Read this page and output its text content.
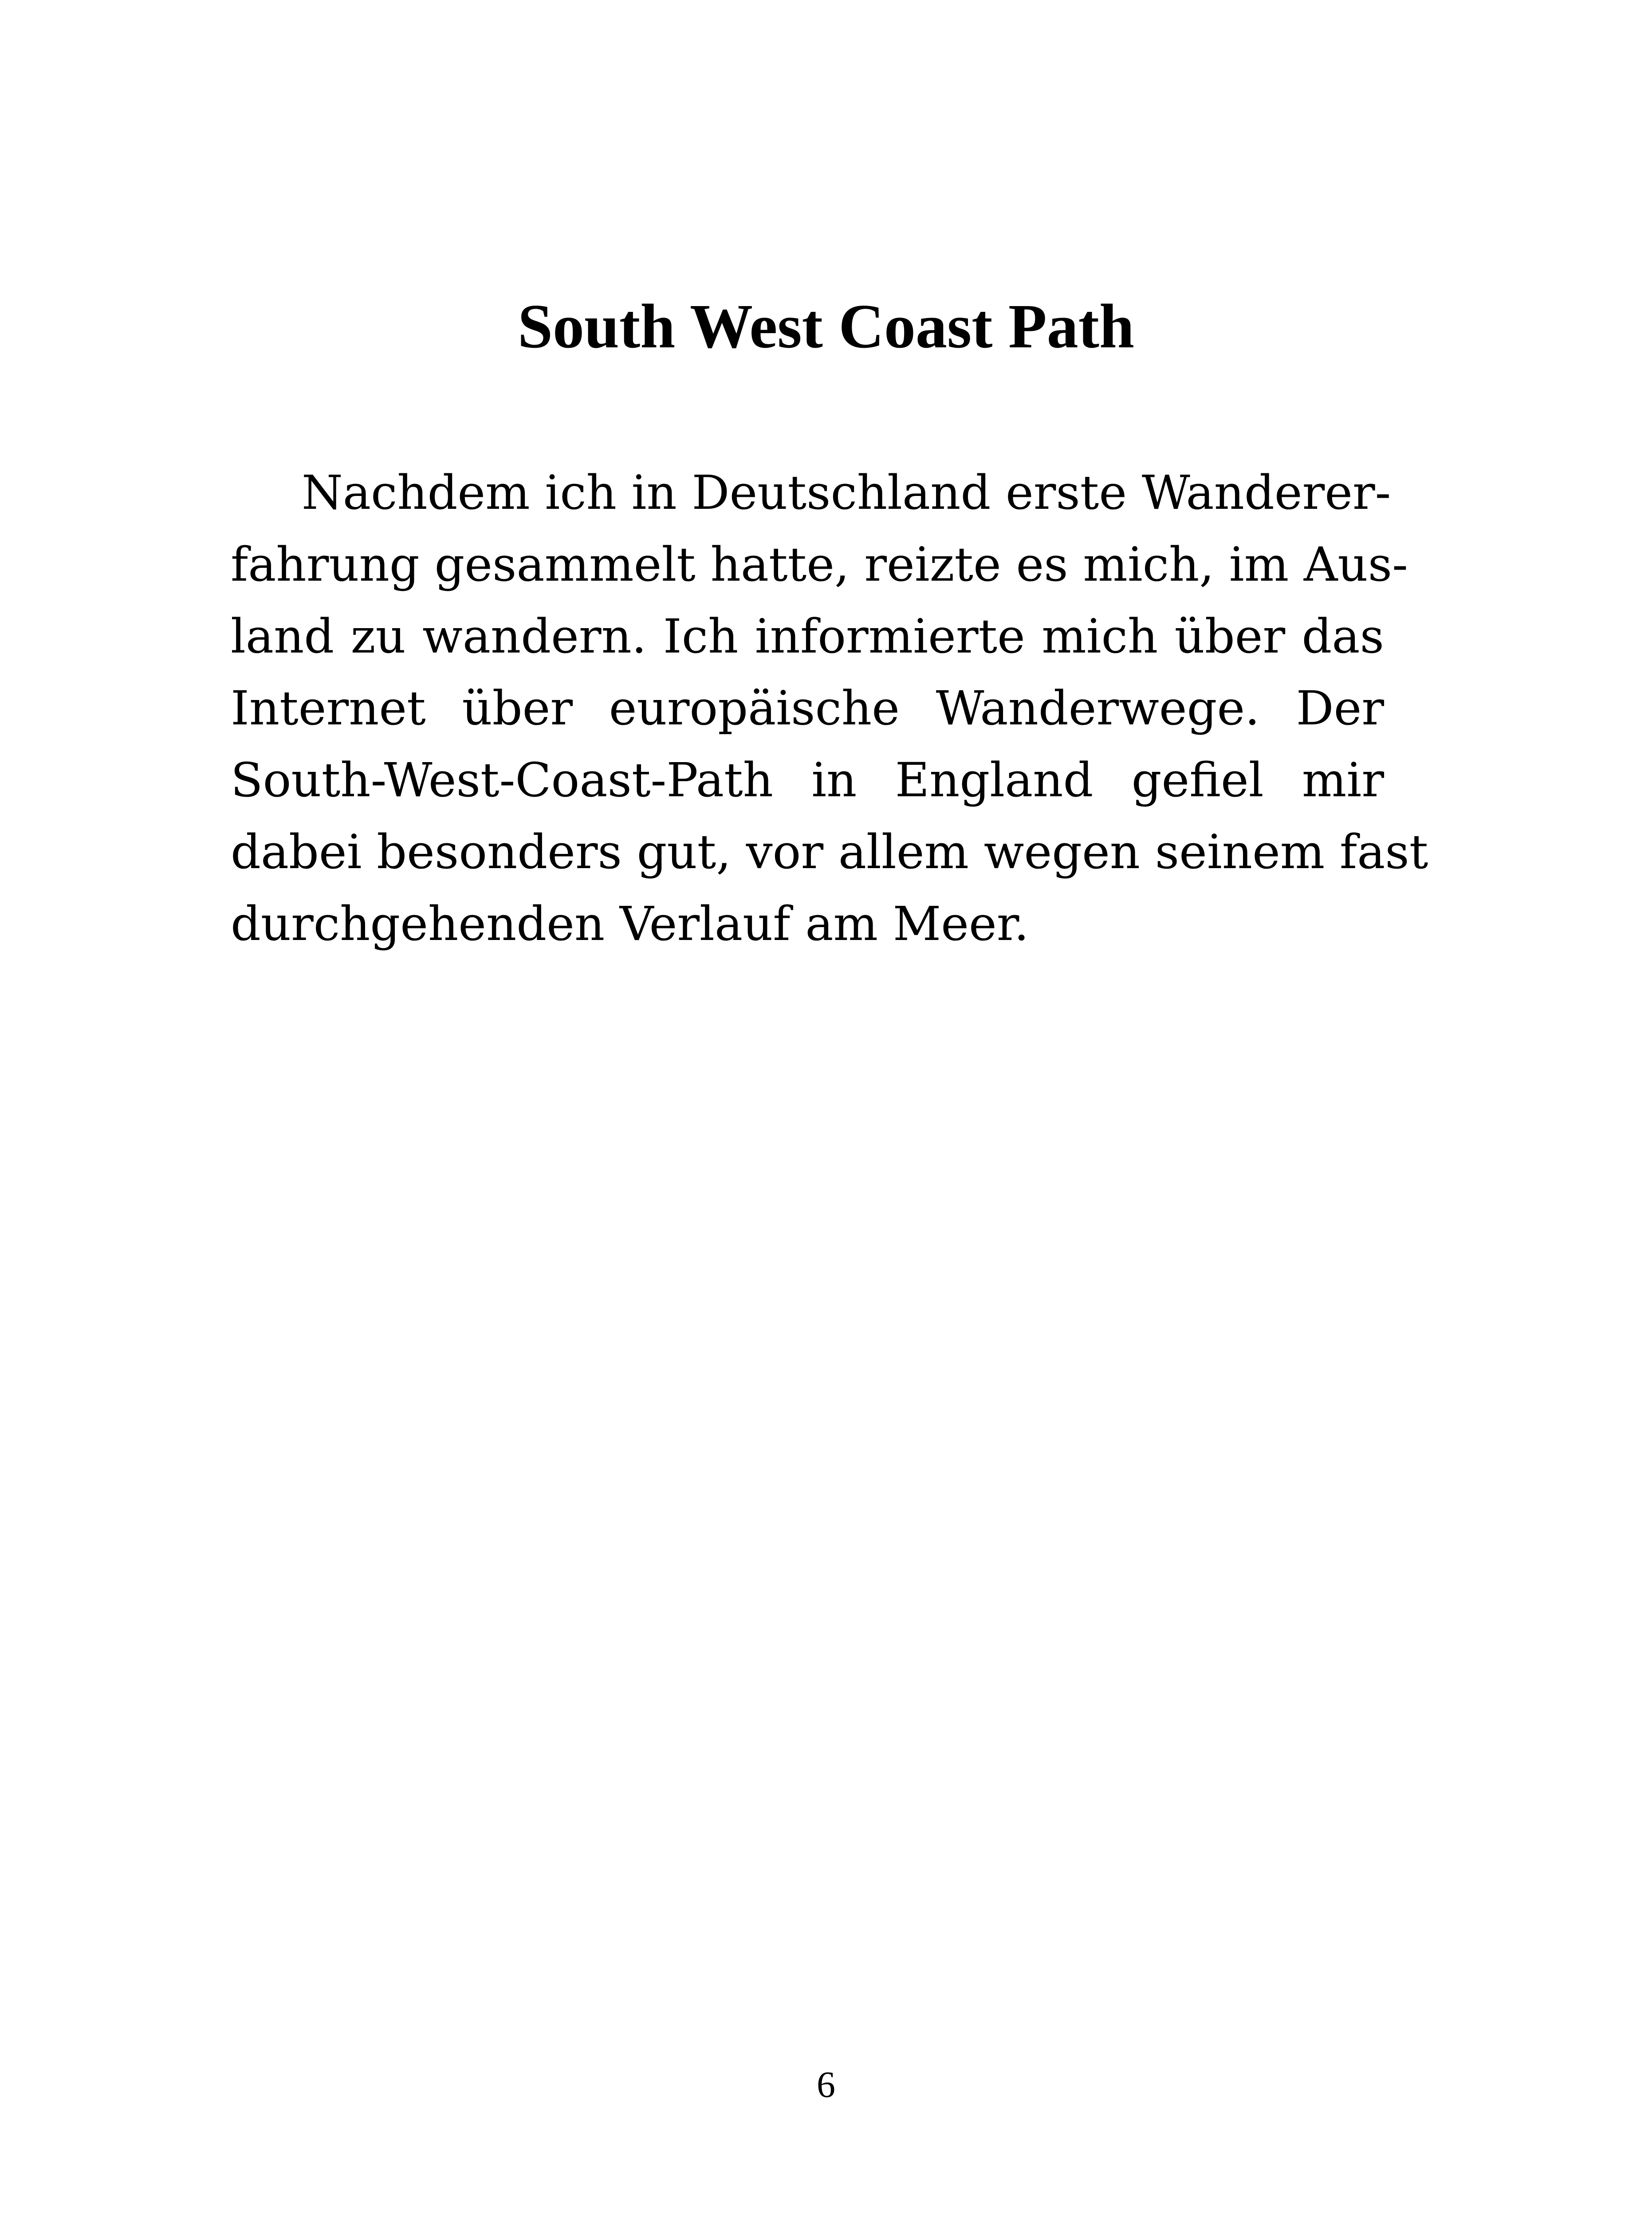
South West Coast Path
Nachdem ich in Deutschland erste Wanderer-
fahrung gesammelt hatte, reizte es mich, im Aus-
land zu wandern. Ich informierte mich über das
Internet über europäische Wanderwege. Der
South-West-Coast-Path in England gefiel mir
dabei besonders gut, vor allem wegen seinem fast
durchgehenden Verlauf am Meer.

6
